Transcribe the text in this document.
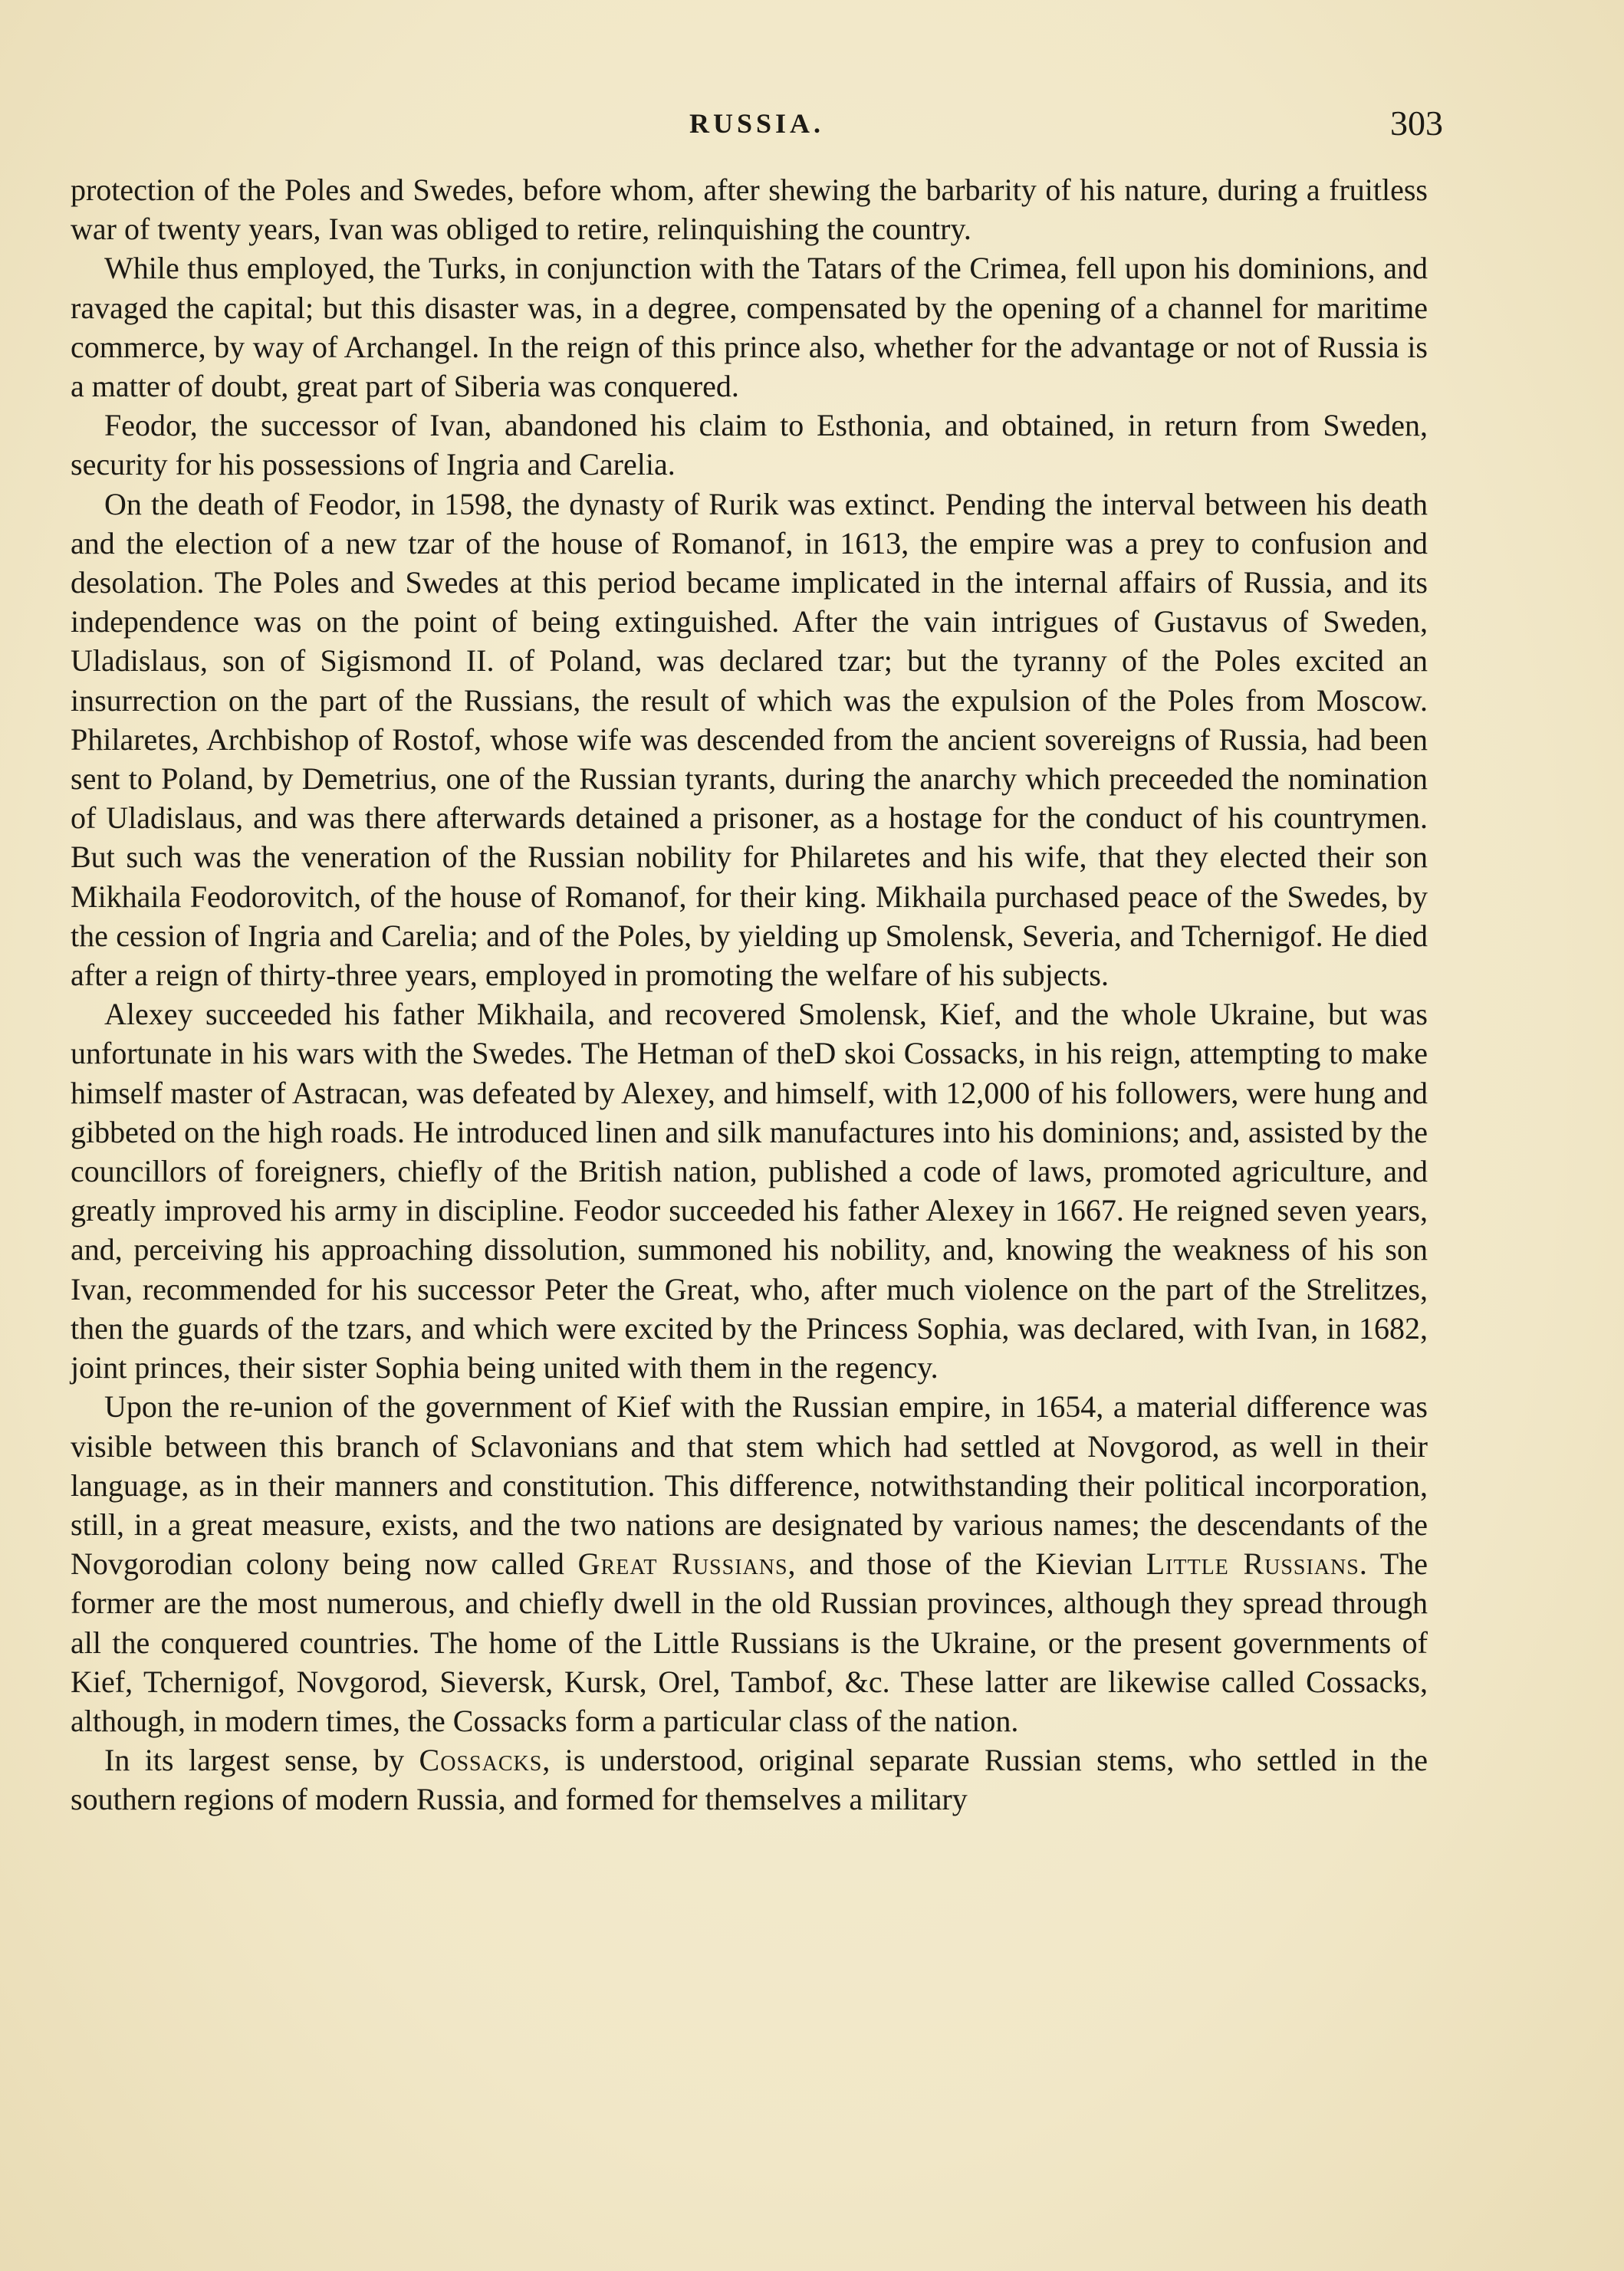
RUSSIA.	303

protection of the Poles and Swedes, before whom, after shewing the barbarity of his nature, during a fruitless war of twenty years, Ivan was obliged to retire, relinquishing the country.

While thus employed, the Turks, in conjunction with the Tatars of the Crimea, fell upon his dominions, and ravaged the capital; but this disaster was, in a degree, compensated by the opening of a channel for maritime commerce, by way of Archangel. In the reign of this prince also, whether for the advantage or not of Russia is a matter of doubt, great part of Siberia was conquered.

Feodor, the successor of Ivan, abandoned his claim to Esthonia, and obtained, in return from Sweden, security for his possessions of Ingria and Carelia.

On the death of Feodor, in 1598, the dynasty of Rurik was extinct. Pending the interval between his death and the election of a new tzar of the house of Romanof, in 1613, the empire was a prey to confusion and desolation. The Poles and Swedes at this period became implicated in the internal affairs of Russia, and its independence was on the point of being extinguished. After the vain intrigues of Gustavus of Sweden, Uladislaus, son of Sigismond II. of Poland, was declared tzar; but the tyranny of the Poles excited an insurrection on the part of the Russians, the result of which was the expulsion of the Poles from Moscow. Philaretes, Archbishop of Rostof, whose wife was descended from the ancient sovereigns of Russia, had been sent to Poland, by Demetrius, one of the Russian tyrants, during the anarchy which preceeded the nomination of Uladislaus, and was there afterwards detained a prisoner, as a hostage for the conduct of his countrymen. But such was the veneration of the Russian nobility for Philaretes and his wife, that they elected their son Mikhaila Feodorovitch, of the house of Romanof, for their king. Mikhaila purchased peace of the Swedes, by the cession of Ingria and Carelia; and of the Poles, by yielding up Smolensk, Severia, and Tchernigof. He died after a reign of thirty-three years, employed in promoting the welfare of his subjects.

Alexey succeeded his father Mikhaila, and recovered Smolensk, Kief, and the whole Ukraine, but was unfortunate in his wars with the Swedes. The Hetman of theD skoi Cossacks, in his reign, attempting to make himself master of Astracan, was defeated by Alexey, and himself, with 12,000 of his followers, were hung and gibbeted on the high roads. He introduced linen and silk manufactures into his dominions; and, assisted by the councillors of foreigners, chiefly of the British nation, published a code of laws, promoted agriculture, and greatly improved his army in discipline. Feodor succeeded his father Alexey in 1667. He reigned seven years, and, perceiving his approaching dissolution, summoned his nobility, and, knowing the weakness of his son Ivan, recommended for his successor Peter the Great, who, after much violence on the part of the Strelitzes, then the guards of the tzars, and which were excited by the Princess Sophia, was declared, with Ivan, in 1682, joint princes, their sister Sophia being united with them in the regency.

Upon the re-union of the government of Kief with the Russian empire, in 1654, a material difference was visible between this branch of Sclavonians and that stem which had settled at Novgorod, as well in their language, as in their manners and constitution. This difference, notwithstanding their political incorporation, still, in a great measure, exists, and the two nations are designated by various names; the descendants of the Novgorodian colony being now called Great Russians, and those of the Kievian Little Russians. The former are the most numerous, and chiefly dwell in the old Russian provinces, although they spread through all the conquered countries. The home of the Little Russians is the Ukraine, or the present governments of Kief, Tchernigof, Novgorod, Sieversk, Kursk, Orel, Tambof, &c. These latter are likewise called Cossacks, although, in modern times, the Cossacks form a particular class of the nation.

In its largest sense, by Cossacks, is understood, original separate Russian stems, who settled in the southern regions of modern Russia, and formed for themselves a military
